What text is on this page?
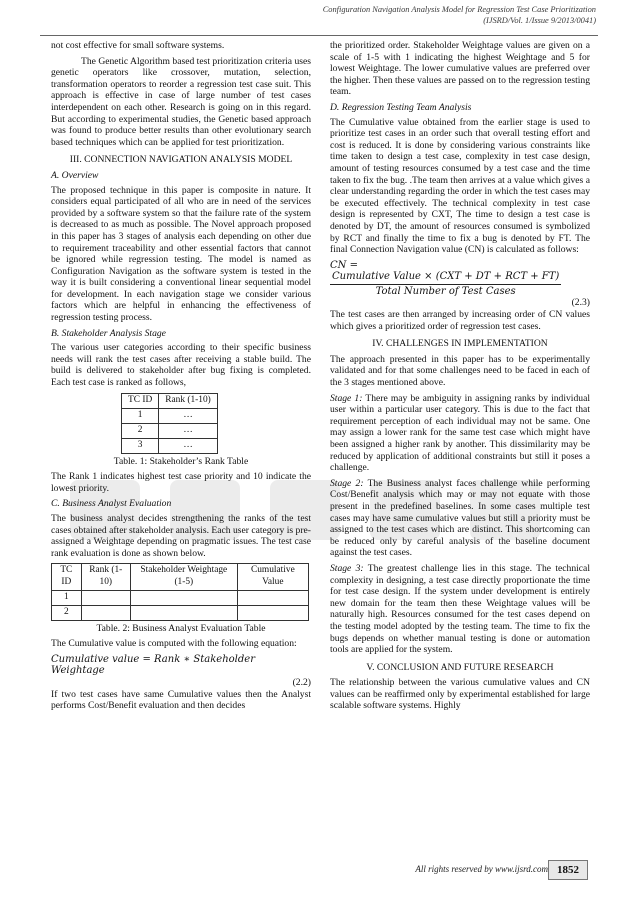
Configuration Navigation Analysis Model for Regression Test Case Prioritization
(IJSRD/Vol. 1/Issue 9/2013/0041)

not cost effective for small software systems.

The Genetic Algorithm based test prioritization criteria uses genetic operators like crossover, mutation, selection, transformation operators to reorder a regression test case suit. This approach is effective in case of large number of test cases interdependent on each other. Research is going on in this regard. But according to experimental studies, the Genetic based approach was found to produce better results than other evolutionary search based techniques which can be applied for test prioritization.

III. CONNECTION NAVIGATION ANALYSIS MODEL
A. Overview

The proposed technique in this paper is composite in nature. It considers equal participated of all who are in need of the services provided by a software system so that the failure rate of the system is decreased to as much as possible. The Novel approach proposed in this paper has 3 stages of analysis each depending on other due to requirement traceability and other essential factors that cannot be ignored while regression testing. The model is named as Configuration Navigation as the software system is tested in the way it is built considering a conventional linear sequential model for development. In each navigation stage we consider various factors which are helpful in enhancing the effectiveness of regression testing process.

B. Stakeholder Analysis Stage

The various user categories according to their specific business needs will rank the test cases after receiving a stable build. The build is delivered to stakeholder after bug fixing is completed. Each test case is ranked as follows,

TC ID	Rank (1-10)
1	…
2	…
3	…
Table. 1: Stakeholder’s Rank Table

The Rank 1 indicates highest test case priority and 10 indicate the lowest priority.

C. Business Analyst Evaluation

The business analyst decides strengthening the ranks of the test cases obtained after stakeholder analysis. Each user category is pre-assigned a Weightage depending on pragmatic issues. The test case rank evaluation is done as shown below.

TC ID	Rank (1-10)	Stakeholder Weightage (1-5)	Cumulative Value
1			
2			
Table. 2: Business Analyst Evaluation Table

The Cumulative value is computed with the following equation:

Cumulative value = Rank ∗ Stakeholder Weightage

(2.2)

If two test cases have same Cumulative values then the Analyst performs Cost/Benefit evaluation and then decides

the prioritized order. Stakeholder Weightage values are given on a scale of 1-5 with 1 indicating the highest Weightage and 5 for lowest Weightage. The lower cumulative values are preferred over the higher. Then these values are passed on to the regression testing team.

D. Regression Testing Team Analysis

The Cumulative value obtained from the earlier stage is used to prioritize test cases in an order such that overall testing effort and cost is reduced. It is done by considering various constraints like time taken to design a test case, complexity in test case design, amount of testing resources consumed by a test case and the time taken to fix the bug. .The team then arrives at a value which gives a clear understanding regarding the order in which the test cases may be executed effectively. The technical complexity in test case design is represented by CXT, The time to design a test case is denoted by DT, the amount of resources consumed is symbolized by RCT and finally the time to fix a bug is denoted by FT. The final Connection Navigation value (CN) is calculated as follows:

CN =
$\frac{\text{Cumulative Value × (CXT + DT + RCT + FT)}}{\text{Total Number of Test Cases}}$

(2.3)

The test cases are then arranged by increasing order of CN values which gives a prioritized order of regression test cases.

IV. CHALLENGES IN IMPLEMENTATION

The approach presented in this paper has to be experimentally validated and for that some challenges need to be faced in each of the 3 stages mentioned above.

Stage 1: There may be ambiguity in assigning ranks by individual user within a particular user category. This is due to the fact that requirement perception of each individual may not be same. One may assign a lower rank for the same test case which might have been assigned a higher rank by another. This dissimilarity may be reduced by application of additional constraints but still it poses a challenge.

Stage 2: The Business analyst faces challenge while performing Cost/Benefit analysis which may or may not equate with those present in the predefined baselines. In some cases multiple test cases may have same cumulative values but still a priority must be assigned to the test cases which are distinct. This shortcoming can be reduced only by careful analysis of the baseline document against the test cases.

Stage 3: The greatest challenge lies in this stage. The technical complexity in designing, a test case directly proportionate the time for test case design. If the system under development is entirely new domain for the team then these Weightage values will be naturally high. Resources consumed for the test cases depend on the testing model adopted by the testing team. The time to fix the bugs depends on whether manual testing is done or automation tools are applied for the system.

V. CONCLUSION AND FUTURE RESEARCH

The relationship between the various cumulative values and CN values can be reaffirmed only by experimental established for large scalable software systems. Highly

All rights reserved by www.ijsrd.com 1852
